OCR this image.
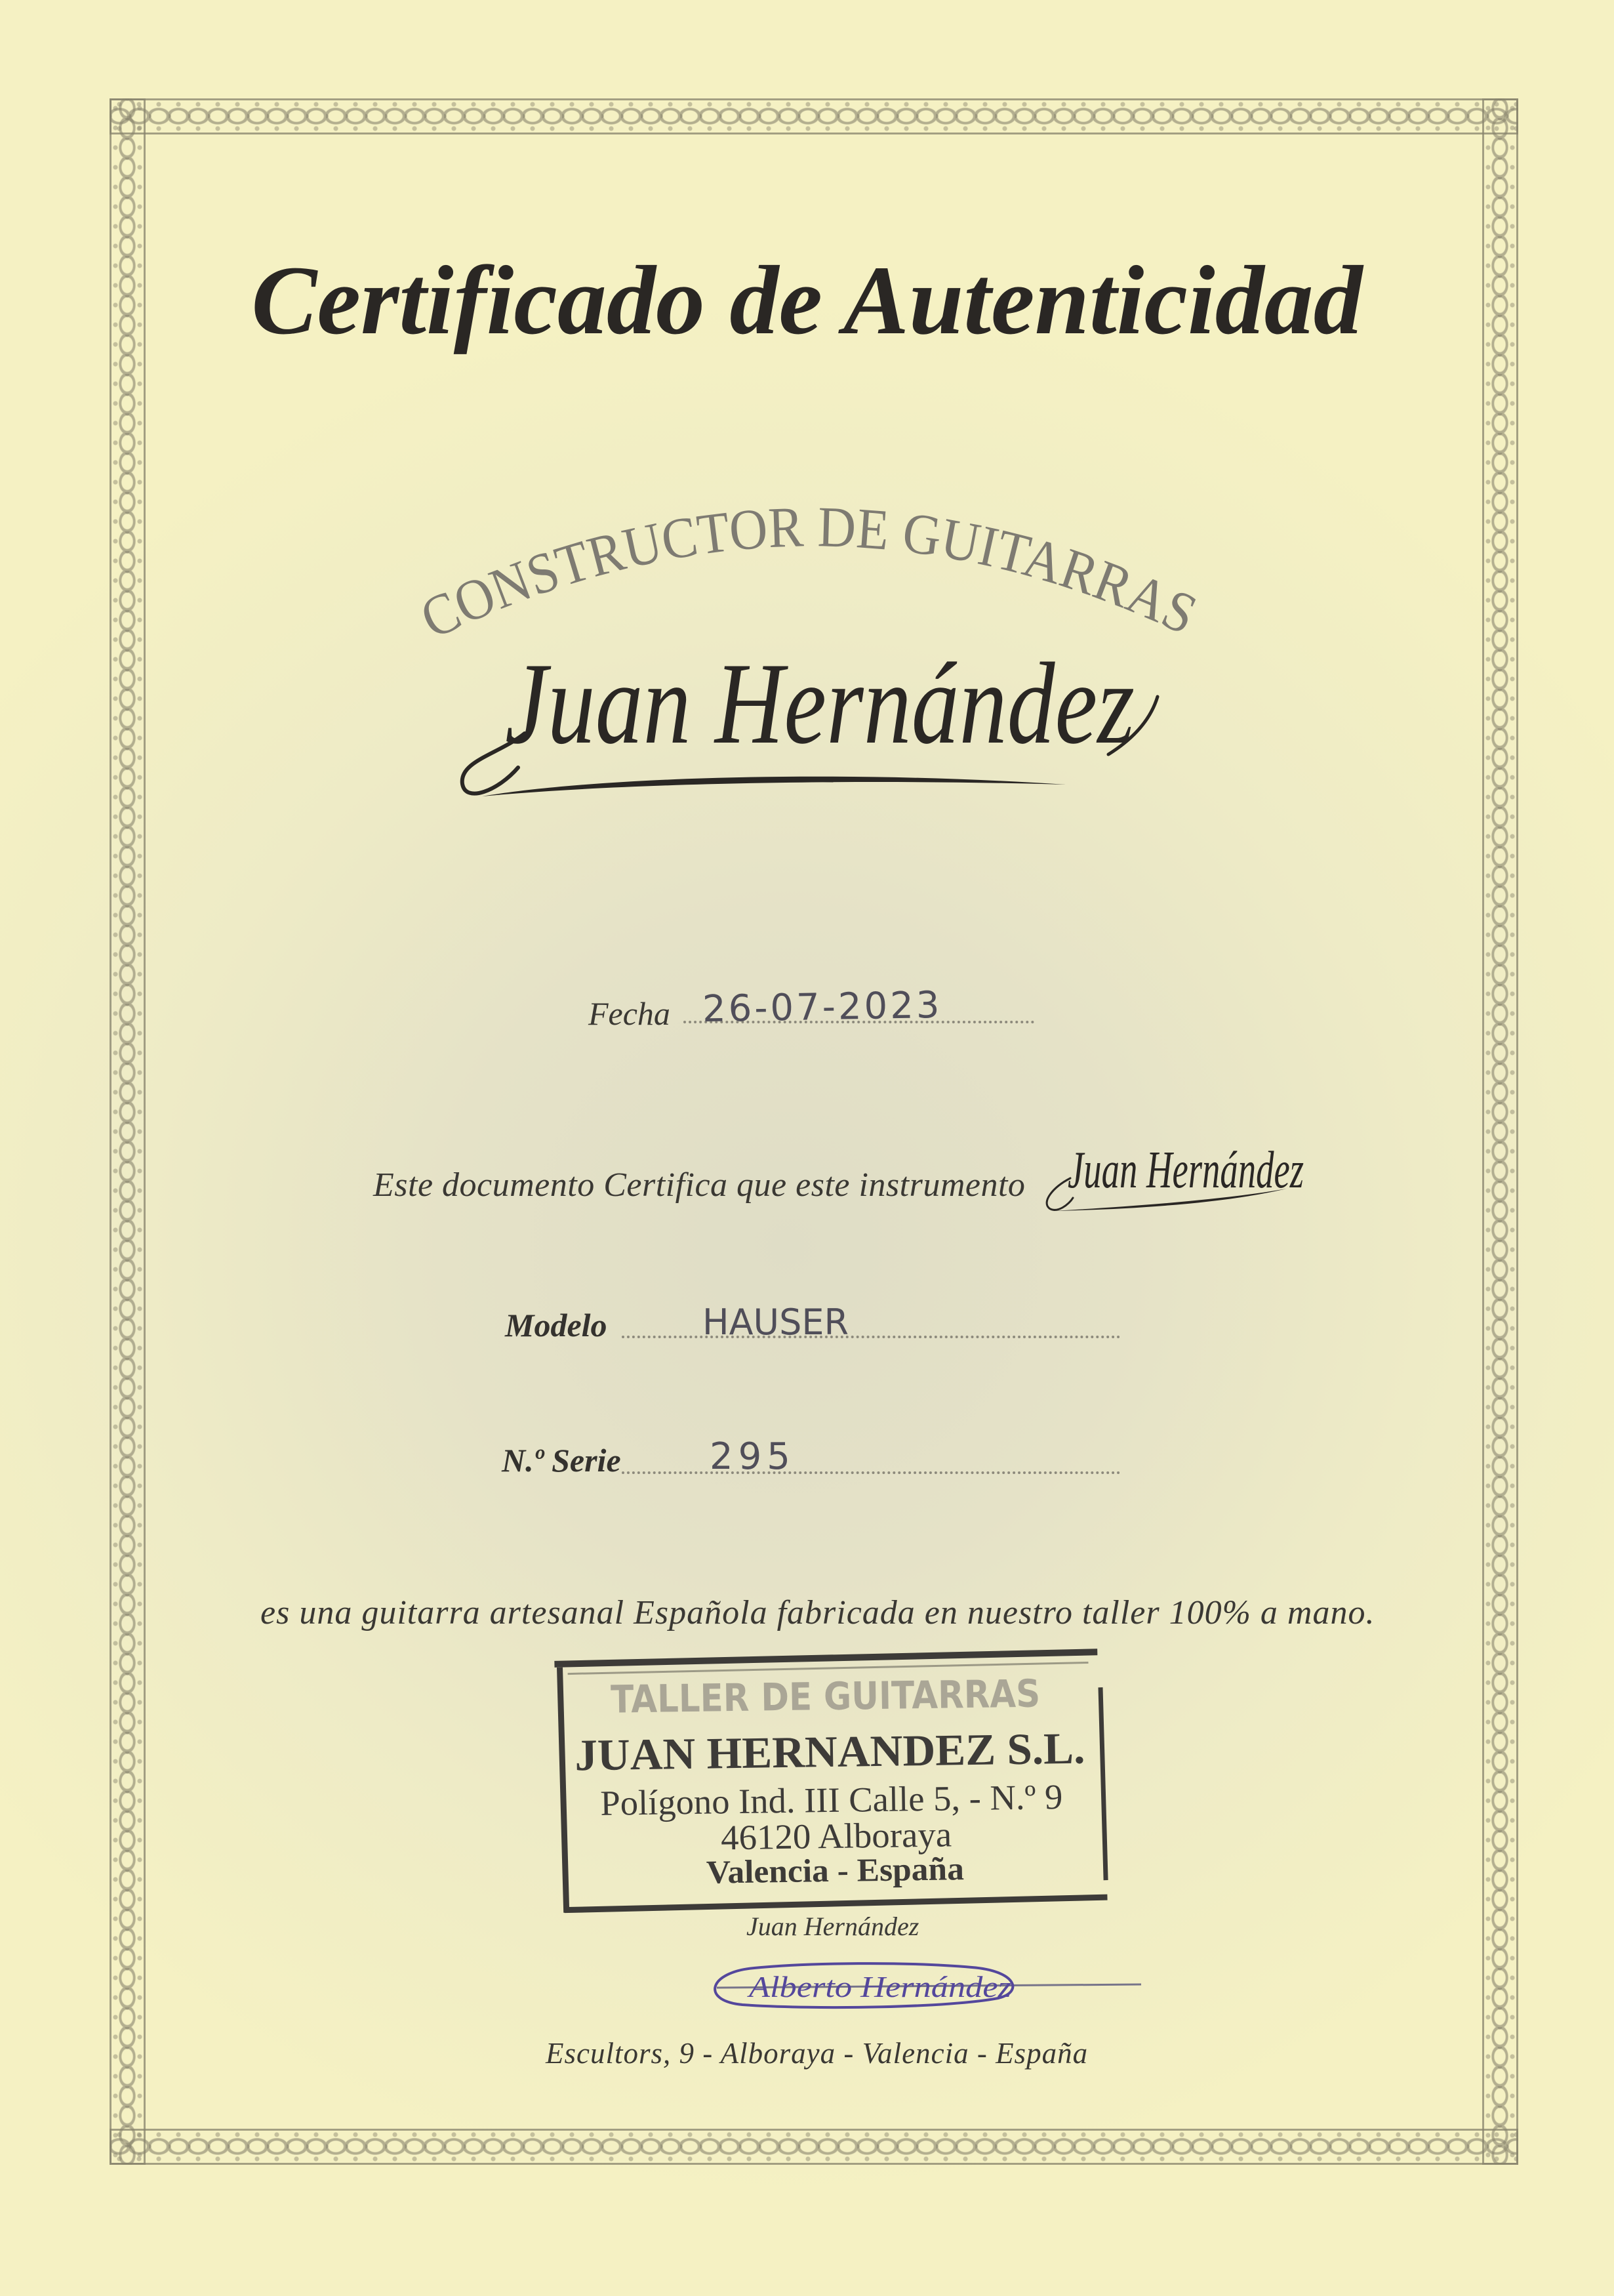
CONSTRUCTOR DE GUITARRAS
Juan Hernández
Juan Hernández
TALLER DE GUITARRAS
JUAN HERNANDEZ S.L.
Polígono Ind. III Calle 5, - N.º 9
46120 Alboraya
Valencia - España
Alberto Hernández
Certificado de Autenticidad
Fecha 26-07-2023
Este documento Certifica que este instrumento
Modelo	HAUSER
N.º Serie 295
es una guitarra artesanal Española fabricada en nuestro taller 100% a mano.
Juan Hernández
Escultors, 9 - Alboraya - Valencia - España
